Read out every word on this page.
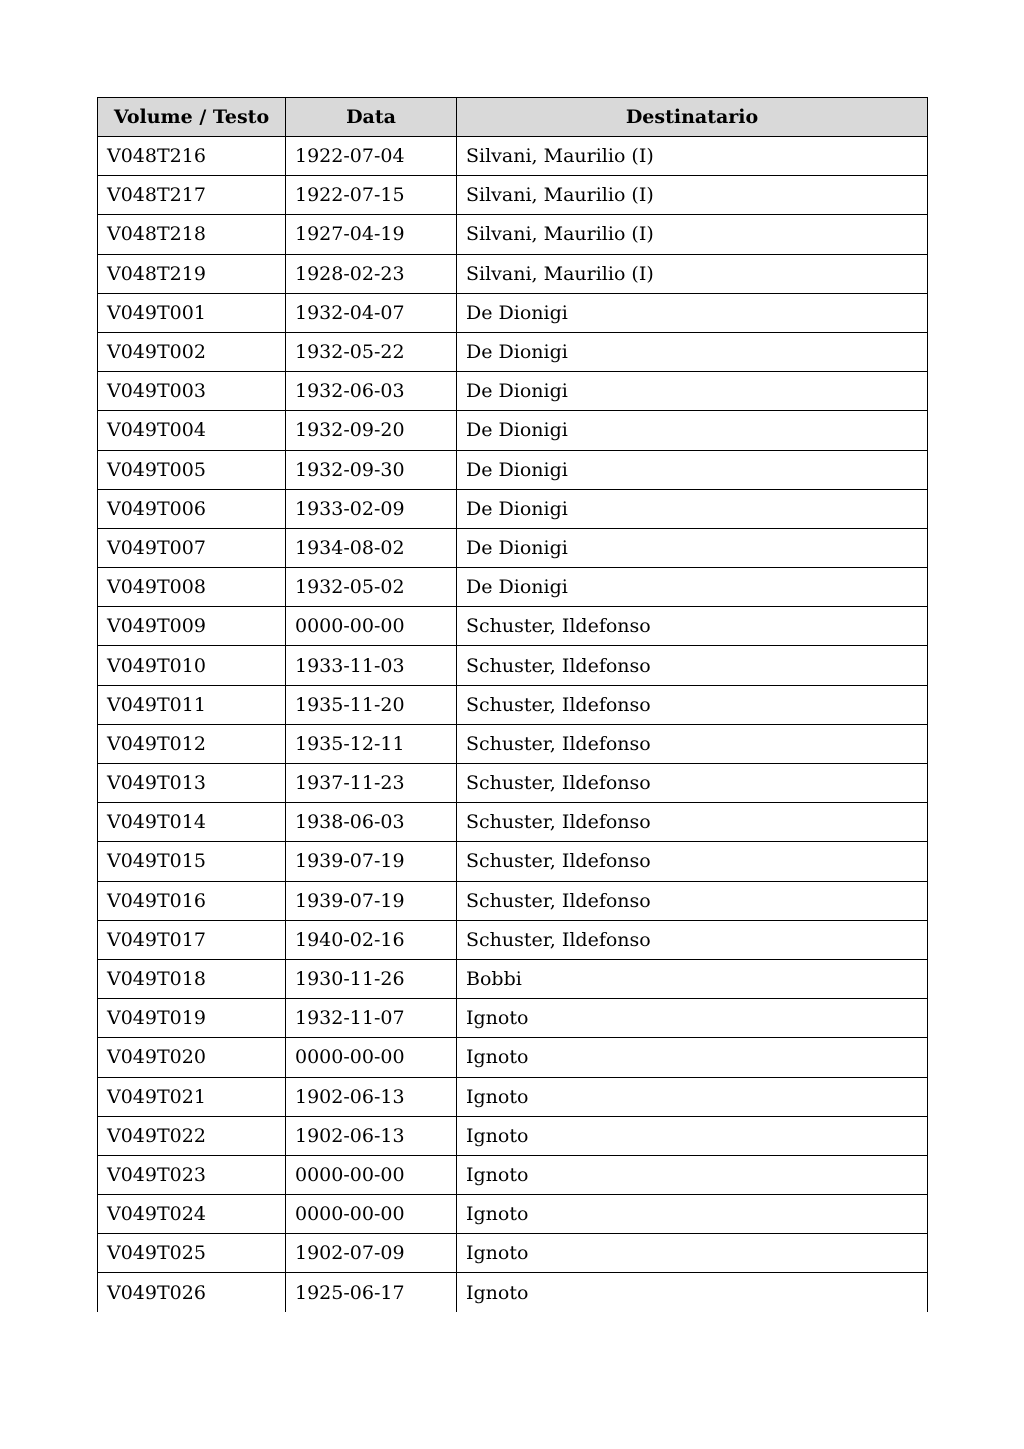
Volume / Testo	Data	Destinatario
V048T216	1922-07-04	Silvani, Maurilio (I)
V048T217	1922-07-15	Silvani, Maurilio (I)
V048T218	1927-04-19	Silvani, Maurilio (I)
V048T219	1928-02-23	Silvani, Maurilio (I)
V049T001	1932-04-07	De Dionigi
V049T002	1932-05-22	De Dionigi
V049T003	1932-06-03	De Dionigi
V049T004	1932-09-20	De Dionigi
V049T005	1932-09-30	De Dionigi
V049T006	1933-02-09	De Dionigi
V049T007	1934-08-02	De Dionigi
V049T008	1932-05-02	De Dionigi
V049T009	0000-00-00	Schuster, Ildefonso
V049T010	1933-11-03	Schuster, Ildefonso
V049T011	1935-11-20	Schuster, Ildefonso
V049T012	1935-12-11	Schuster, Ildefonso
V049T013	1937-11-23	Schuster, Ildefonso
V049T014	1938-06-03	Schuster, Ildefonso
V049T015	1939-07-19	Schuster, Ildefonso
V049T016	1939-07-19	Schuster, Ildefonso
V049T017	1940-02-16	Schuster, Ildefonso
V049T018	1930-11-26	Bobbi
V049T019	1932-11-07	Ignoto
V049T020	0000-00-00	Ignoto
V049T021	1902-06-13	Ignoto
V049T022	1902-06-13	Ignoto
V049T023	0000-00-00	Ignoto
V049T024	0000-00-00	Ignoto
V049T025	1902-07-09	Ignoto
V049T026	1925-06-17	Ignoto
